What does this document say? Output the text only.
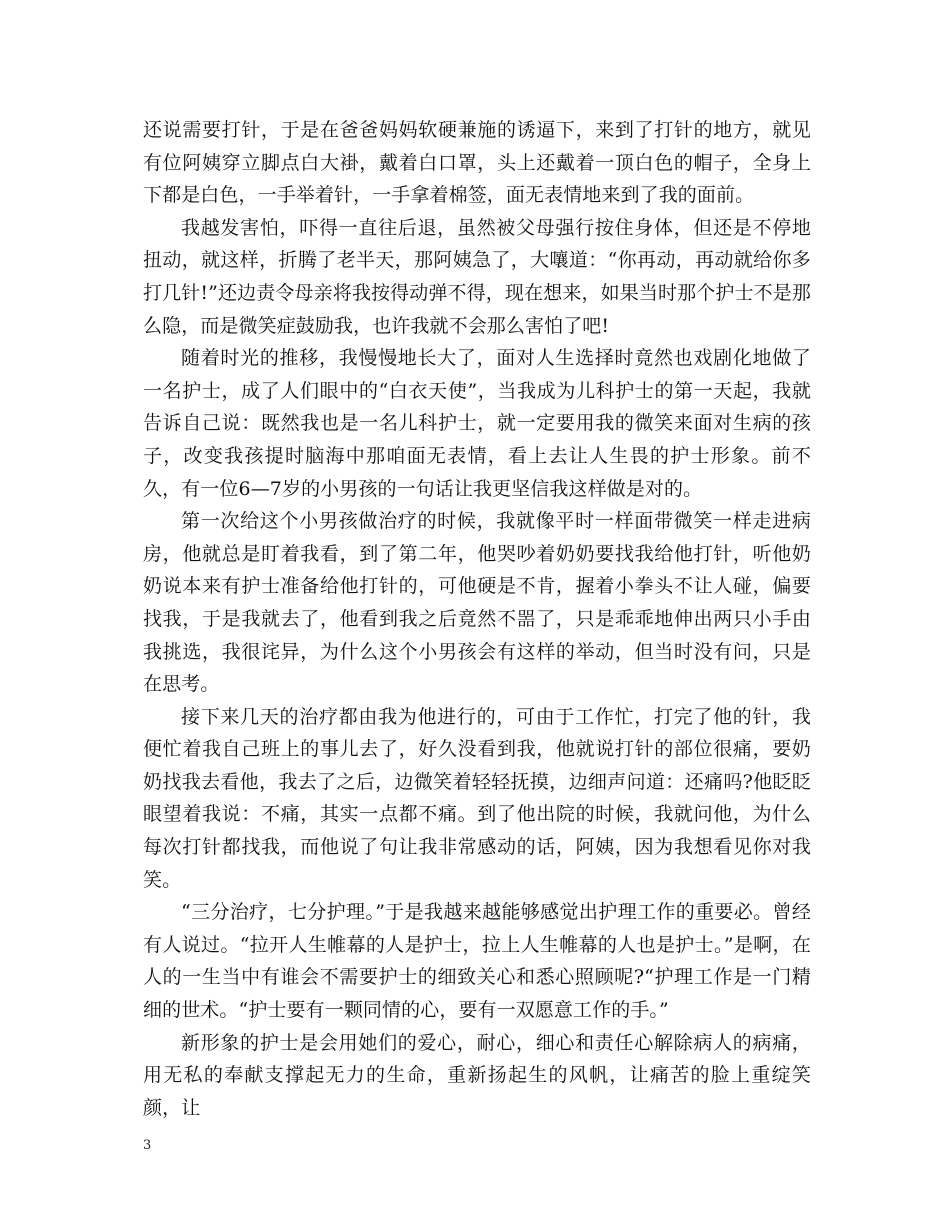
还说需要打针，于是在爸爸妈妈软硬兼施的诱逼下，来到了打针的地方，就见有位阿姨穿立脚点白大褂，戴着白口罩，头上还戴着一顶白色的帽子，全身上下都是白色，一手举着针，一手拿着棉签，面无表情地来到了我的面前。

我越发害怕，吓得一直往后退，虽然被父母强行按住身体，但还是不停地扭动，就这样，折腾了老半天，那阿姨急了，大嚷道：“你再动，再动就给你多打几针!”还边责令母亲将我按得动弹不得，现在想来，如果当时那个护士不是那么隐，而是微笑症鼓励我，也许我就不会那么害怕了吧!

随着时光的推移，我慢慢地长大了，面对人生选择时竟然也戏剧化地做了一名护士，成了人们眼中的“白衣天使”，当我成为儿科护士的第一天起，我就告诉自己说：既然我也是一名儿科护士，就一定要用我的微笑来面对生病的孩子，改变我孩提时脑海中那咱面无表情，看上去让人生畏的护士形象。前不久，有一位6—7岁的小男孩的一句话让我更坚信我这样做是对的。

第一次给这个小男孩做治疗的时候，我就像平时一样面带微笑一样走进病房，他就总是盯着我看，到了第二年，他哭吵着奶奶要找我给他打针，听他奶奶说本来有护士准备给他打针的，可他硬是不肯，握着小拳头不让人碰，偏要找我，于是我就去了，他看到我之后竟然不噐了，只是乖乖地伸出两只小手由我挑选，我很诧异，为什么这个小男孩会有这样的举动，但当时没有问，只是在思考。

接下来几天的治疗都由我为他进行的，可由于工作忙，打完了他的针，我便忙着我自己班上的事儿去了，好久没看到我，他就说打针的部位很痛，要奶奶找我去看他，我去了之后，边微笑着轻轻抚摸，边细声问道：还痛吗?他眨眨眼望着我说：不痛，其实一点都不痛。到了他出院的时候，我就问他，为什么每次打针都找我，而他说了句让我非常感动的话，阿姨，因为我想看见你对我笑。

“三分治疗，七分护理。”于是我越来越能够感觉出护理工作的重要必。曾经有人说过。“拉开人生帷幕的人是护士，拉上人生帷幕的人也是护士。”是啊，在人的一生当中有谁会不需要护士的细致关心和悉心照顾呢?“护理工作是一门精细的世术。“护士要有一颗同情的心，要有一双愿意工作的手。”

新形象的护士是会用她们的爱心，耐心，细心和责任心解除病人的病痛，用无私的奉献支撑起无力的生命，重新扬起生的风帆，让痛苦的脸上重绽笑颜，让

3
